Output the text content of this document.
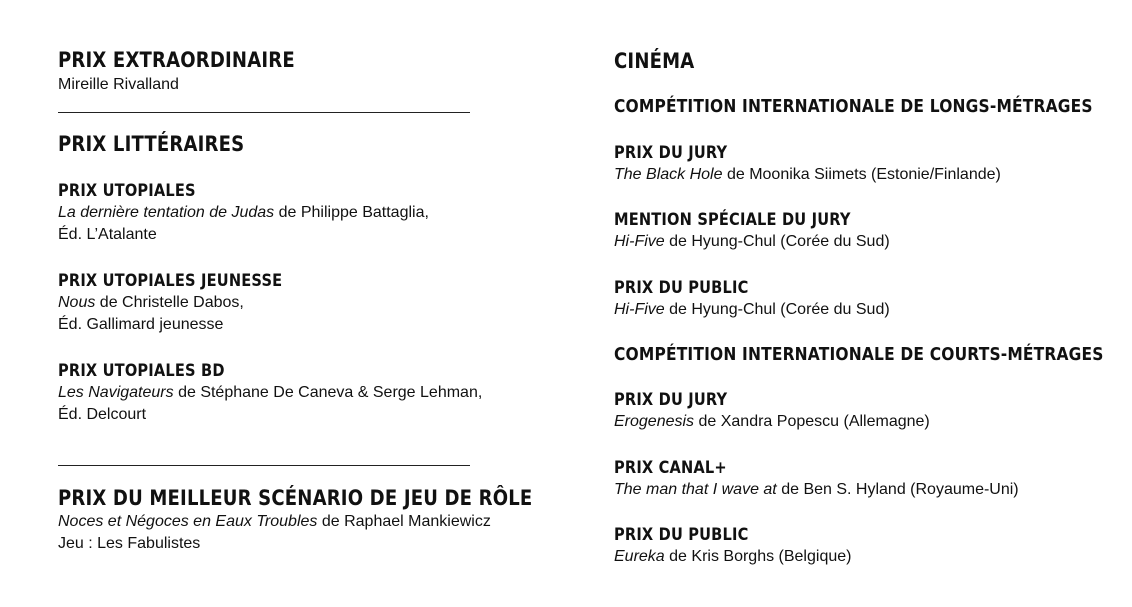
PRIX EXTRAORDINAIRE

Mireille Rivalland

PRIX LITTÉRAIRES
PRIX UTOPIALES

La dernière tentation de Judas de Philippe Battaglia,

Éd. L’Atalante

PRIX UTOPIALES JEUNESSE

Nous de Christelle Dabos,

Éd. Gallimard jeunesse

PRIX UTOPIALES BD

Les Navigateurs de Stéphane De Caneva & Serge Lehman,

Éd. Delcourt

PRIX DU MEILLEUR SCÉNARIO DE JEU DE RÔLE

Noces et Négoces en Eaux Troubles de Raphael Mankiewicz

Jeu : Les Fabulistes

CINÉMA
COMPÉTITION INTERNATIONALE DE LONGS-MÉTRAGES
PRIX DU JURY

The Black Hole de Moonika Siimets (Estonie/Finlande)

MENTION SPÉCIALE DU JURY

Hi-Five de Hyung-Chul (Corée du Sud)

PRIX DU PUBLIC

Hi-Five de Hyung-Chul (Corée du Sud)

COMPÉTITION INTERNATIONALE DE COURTS-MÉTRAGES
PRIX DU JURY

Erogenesis de Xandra Popescu (Allemagne)

PRIX CANAL+

The man that I wave at de Ben S. Hyland (Royaume-Uni)

PRIX DU PUBLIC

Eureka de Kris Borghs (Belgique)
